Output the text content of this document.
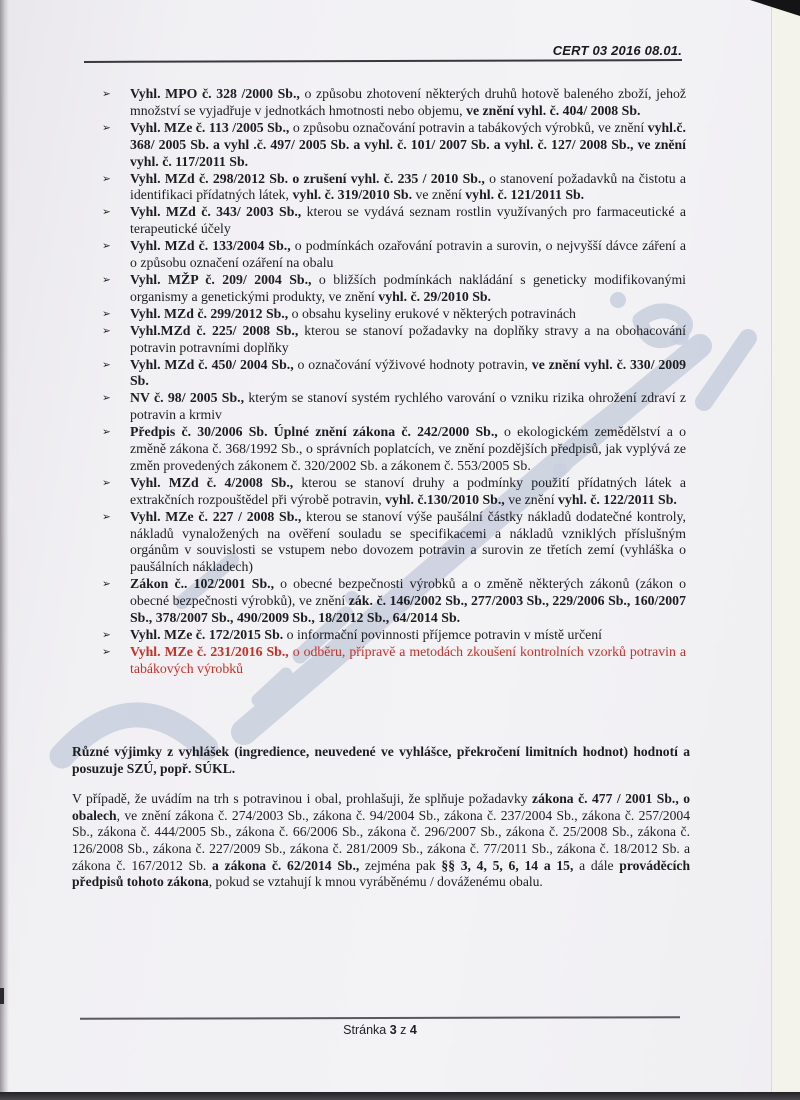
CERT 03 2016 08.01.
➢	Vyhl. MPO č. 328 /2000 Sb., o způsobu zhotovení některých druhů hotově baleného zboží, jehož množství se vyjadřuje v jednotkách hmotnosti nebo objemu, ve znění vyhl. č. 404/ 2008 Sb.
➢	Vyhl. MZe č. 113 /2005 Sb., o způsobu označování potravin a tabákových výrobků, ve znění vyhl.č. 368/ 2005 Sb. a vyhl .č. 497/ 2005 Sb. a vyhl. č. 101/ 2007 Sb. a vyhl. č. 127/ 2008 Sb., ve znění vyhl. č. 117/2011 Sb.
➢	Vyhl. MZd č. 298/2012 Sb. o zrušení vyhl. č. 235 / 2010 Sb., o stanovení požadavků na čistotu a identifikaci přídatných látek, vyhl. č. 319/2010 Sb. ve znění vyhl. č. 121/2011 Sb.
➢	Vyhl. MZd č. 343/ 2003 Sb., kterou se vydává seznam rostlin využívaných pro farmaceutické a terapeutické účely
➢	Vyhl. MZd č. 133/2004 Sb., o podmínkách ozařování potravin a surovin, o nejvyšší dávce záření a o způsobu označení ozáření na obalu
➢	Vyhl. MŽP č. 209/ 2004 Sb., o bližších podmínkách nakládání s geneticky modifikovanými organismy a genetickými produkty, ve znění vyhl. č. 29/2010 Sb.
➢	Vyhl. MZd č. 299/2012 Sb., o obsahu kyseliny erukové v některých potravinách
➢	Vyhl.MZd č. 225/ 2008 Sb., kterou se stanoví požadavky na doplňky stravy a na obohacování potravin potravními doplňky
➢	Vyhl. MZd č. 450/ 2004 Sb., o označování výživové hodnoty potravin, ve znění vyhl. č. 330/ 2009 Sb.
➢	NV č. 98/ 2005 Sb., kterým se stanoví systém rychlého varování o vzniku rizika ohrožení zdraví z potravin a krmiv
➢	Předpis č. 30/2006 Sb. Úplné znění zákona č. 242/2000 Sb., o ekologickém zemědělství a o změně zákona č. 368/1992 Sb., o správních poplatcích, ve znění pozdějších předpisů, jak vyplývá ze změn provedených zákonem č. 320/2002 Sb. a zákonem č. 553/2005 Sb.
➢	Vyhl. MZd č. 4/2008 Sb., kterou se stanoví druhy a podmínky použití přídatných látek a extrakčních rozpouštědel při výrobě potravin, vyhl. č.130/2010 Sb., ve znění vyhl. č. 122/2011 Sb.
➢	Vyhl. MZe č. 227 / 2008 Sb., kterou se stanoví výše paušální částky nákladů dodatečné kontroly, nákladů vynaložených na ověření souladu se specifikacemi a nákladů vzniklých příslušným orgánům v souvislosti se vstupem nebo dovozem potravin a surovin ze třetích zemí (vyhláška o paušálních nákladech)
➢	Zákon č.. 102/2001 Sb., o obecné bezpečnosti výrobků a o změně některých zákonů (zákon o obecné bezpečnosti výrobků), ve znění zák. č. 146/2002 Sb., 277/2003 Sb., 229/2006 Sb., 160/2007 Sb., 378/2007 Sb., 490/2009 Sb., 18/2012 Sb., 64/2014 Sb.
➢	Vyhl. MZe č. 172/2015 Sb. o informační povinnosti příjemce potravin v místě určení
➢	Vyhl. MZe č. 231/2016 Sb., o odběru, přípravě a metodách zkoušení kontrolních vzorků potravin a tabákových výrobků

Různé výjimky z vyhlášek (ingredience, neuvedené ve vyhlášce, překročení limitních hodnot) hodnotí a posuzuje SZÚ, popř. SÚKL.

V případě, že uvádím na trh s potravinou i obal, prohlašuji, že splňuje požadavky zákona č. 477 / 2001 Sb., o obalech, ve znění zákona č. 274/2003 Sb., zákona č. 94/2004 Sb., zákona č. 237/2004 Sb., zákona č. 257/2004 Sb., zákona č. 444/2005 Sb., zákona č. 66/2006 Sb., zákona č. 296/2007 Sb., zákona č. 25/2008 Sb., zákona č. 126/2008 Sb., zákona č. 227/2009 Sb., zákona č. 281/2009 Sb., zákona č. 77/2011 Sb., zákona č. 18/2012 Sb. a zákona č. 167/2012 Sb. a zákona č. 62/2014 Sb., zejména pak §§ 3, 4, 5, 6, 14 a 15, a dále prováděcích předpisů tohoto zákona, pokud se vztahují k mnou vyráběnému / dováženému obalu.

Stránka 3 z 4
